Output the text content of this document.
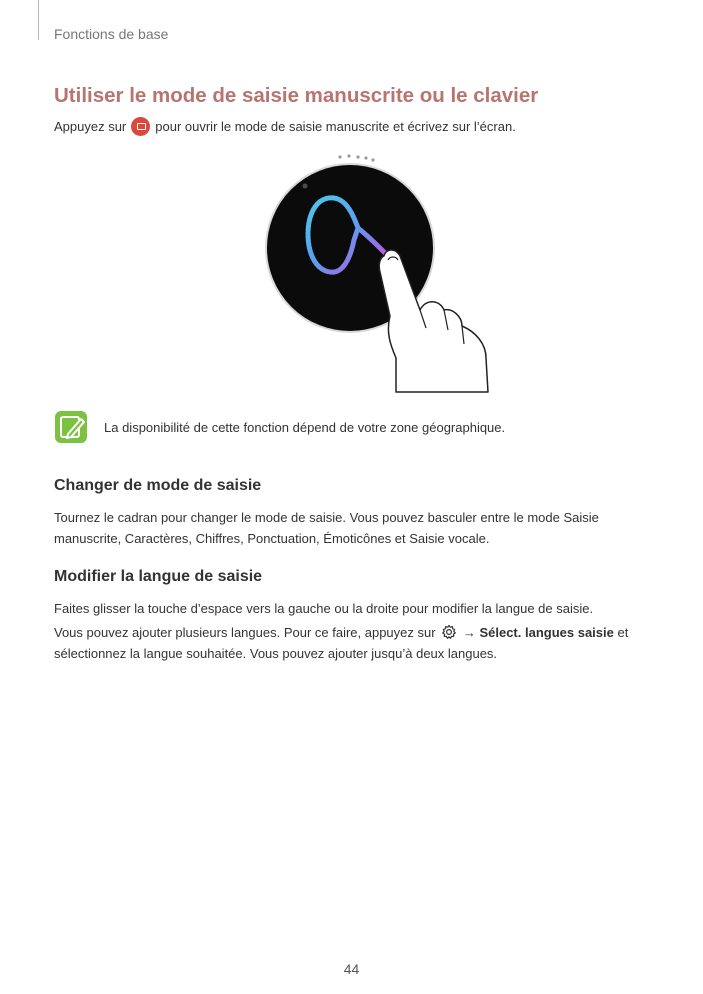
Fonctions de base
Utiliser le mode de saisie manuscrite ou le clavier
Appuyez sur pour ouvrir le mode de saisie manuscrite et écrivez sur l’écran.
La disponibilité de cette fonction dépend de votre zone géographique.
Changer de mode de saisie
Tournez le cadran pour changer le mode de saisie. Vous pouvez basculer entre le mode Saisie manuscrite, Caractères, Chiffres, Ponctuation, Émoticônes et Saisie vocale.
Modifier la langue de saisie
Faites glisser la touche d’espace vers la gauche ou la droite pour modifier la langue de saisie.
Vous pouvez ajouter plusieurs langues. Pour ce faire, appuyez sur → Sélect. langues saisie et sélectionnez la langue souhaitée. Vous pouvez ajouter jusqu’à deux langues.
44
